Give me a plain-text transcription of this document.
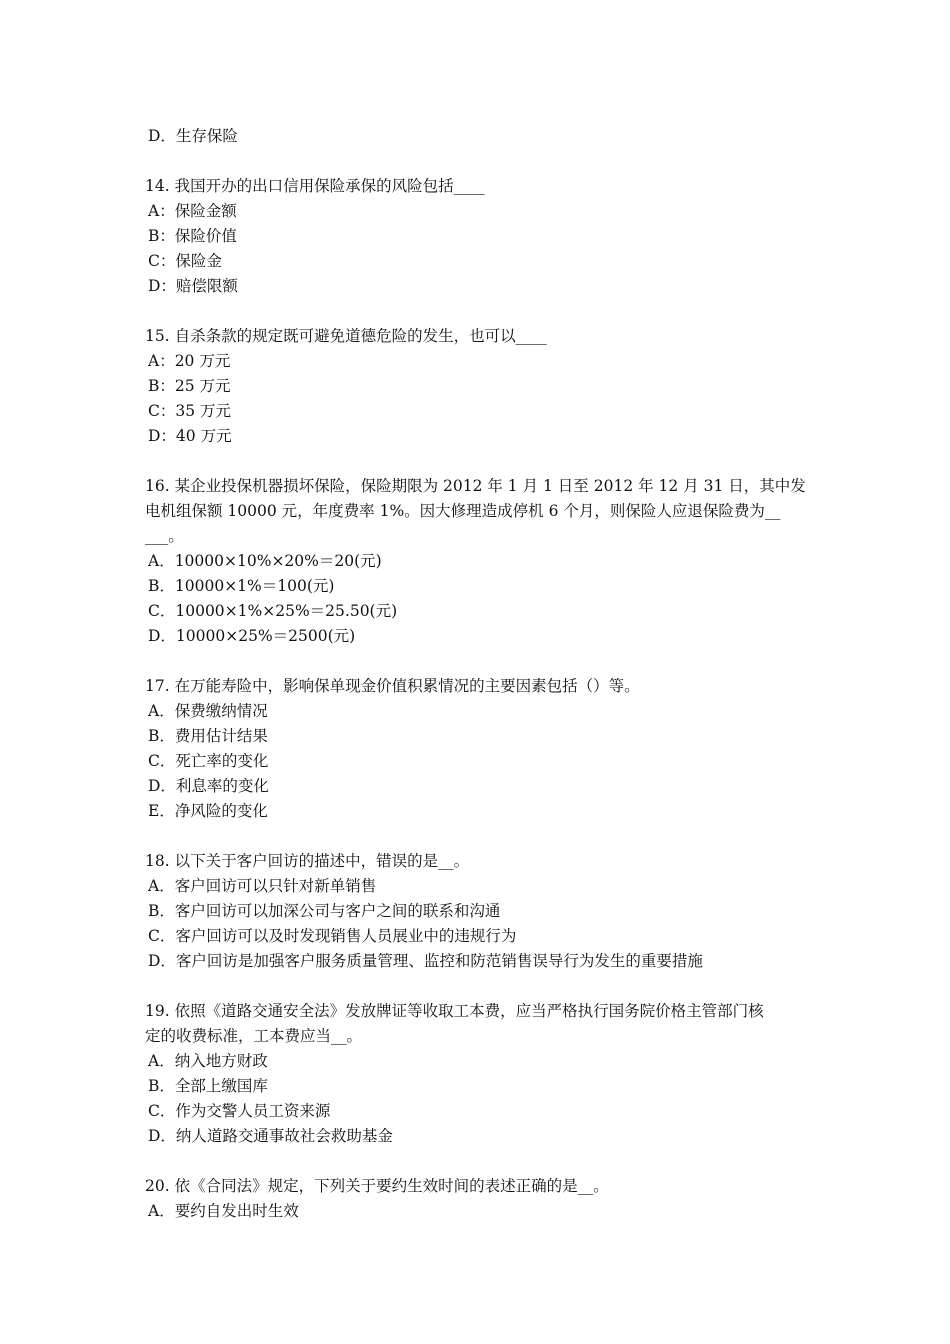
D．生存保险
14. 我国开办的出口信用保险承保的风险包括____
A：保险金额
B：保险价值
C：保险金
D：赔偿限额
15. 自杀条款的规定既可避免道德危险的发生，也可以____
A：20 万元
B：25 万元
C：35 万元
D：40 万元
16. 某企业投保机器损坏保险，保险期限为 2012 年 1 月 1 日至 2012 年 12 月 31 日，其中发
电机组保额 10000 元，年度费率 1%。因大修理造成停机 6 个月，则保险人应退保险费为__
___。
A．10000×10%×20%＝20(元)
B．10000×1%＝100(元)
C．10000×1%×25%＝25.50(元)
D．10000×25%＝2500(元)
17. 在万能寿险中，影响保单现金价值积累情况的主要因素包括（）等。
A．保费缴纳情况
B．费用估计结果
C．死亡率的变化
D．利息率的变化
E．净风险的变化
18. 以下关于客户回访的描述中，错误的是__。
A．客户回访可以只针对新单销售
B．客户回访可以加深公司与客户之间的联系和沟通
C．客户回访可以及时发现销售人员展业中的违规行为
D．客户回访是加强客户服务质量管理、监控和防范销售误导行为发生的重要措施
19. 依照《道路交通安全法》发放牌证等收取工本费，应当严格执行国务院价格主管部门核
定的收费标准，工本费应当__。
A．纳入地方财政
B．全部上缴国库
C．作为交警人员工资来源
D．纳人道路交通事故社会救助基金
20. 依《合同法》规定，下列关于要约生效时间的表述正确的是__。
A．要约自发出时生效
